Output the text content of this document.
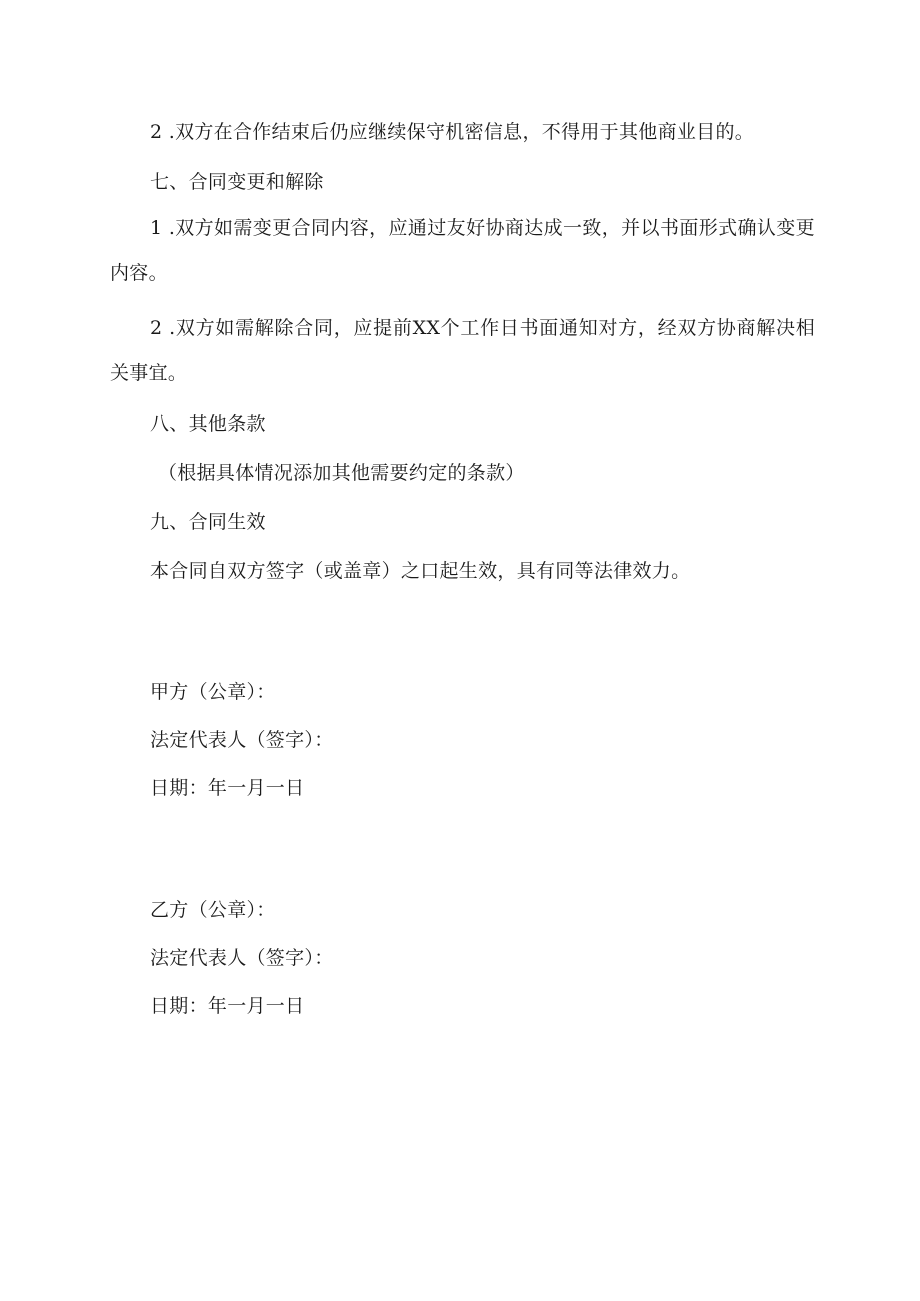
2 .双方在合作结束后仍应继续保守机密信息，不得用于其他商业目的。
七、合同变更和解除
1 .双方如需变更合同内容，应通过友好协商达成一致，并以书面形式确认变更内容。
2 .双方如需解除合同，应提前XX个工作日书面通知对方，经双方协商解决相关事宜。
八、其他条款
（根据具体情况添加其他需要约定的条款）
九、合同生效
本合同自双方签字（或盖章）之口起生效，具有同等法律效力。
甲方（公章）：
法定代表人（签字）：
日期：年一月一日
乙方（公章）：
法定代表人（签字）：
日期：年一月一日
